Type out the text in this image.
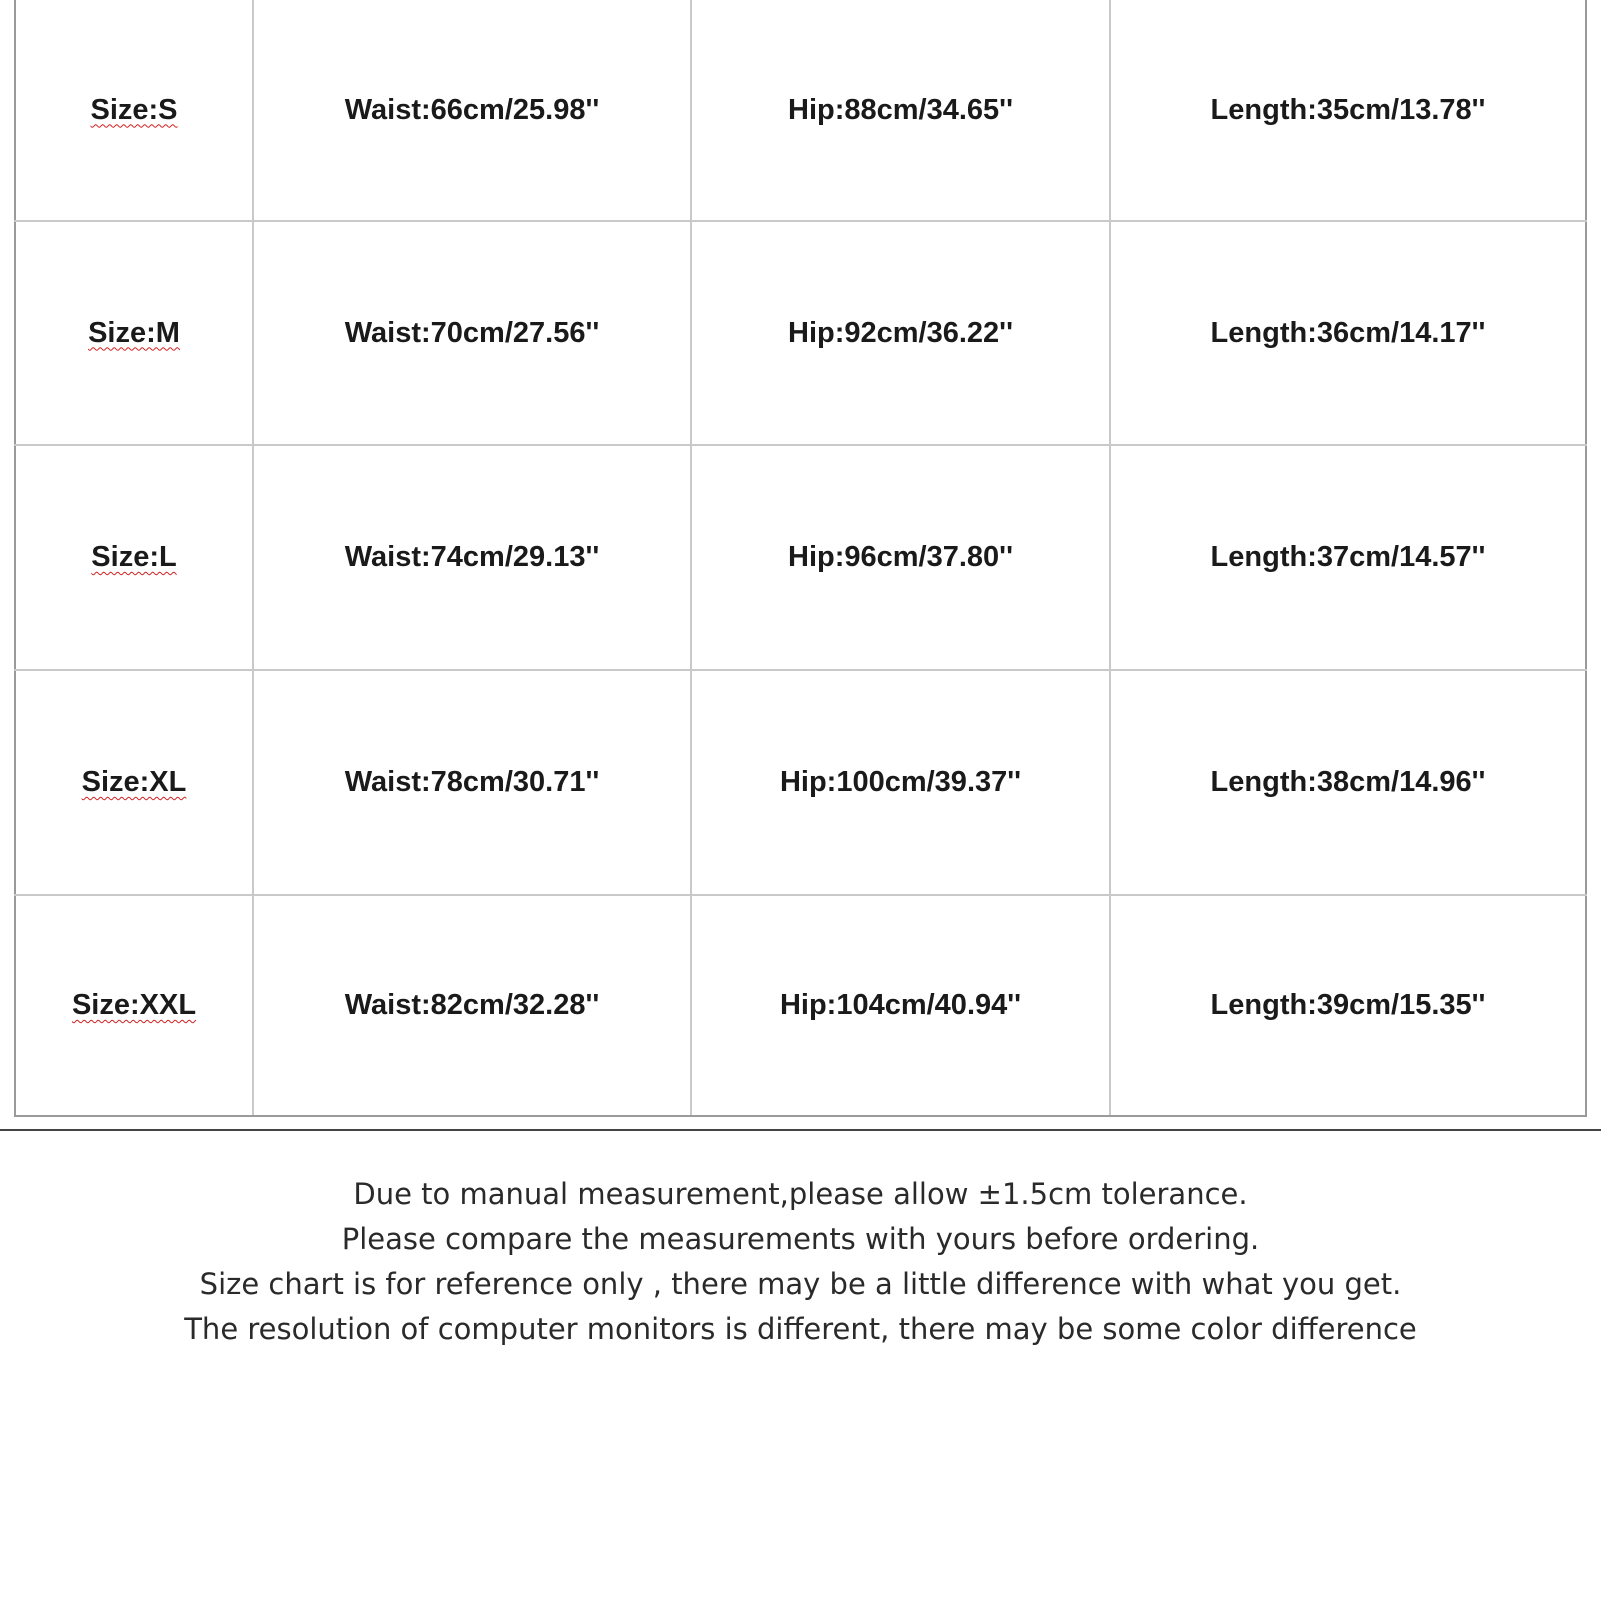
Size:S	Waist:66cm/25.98''	Hip:88cm/34.65''	Length:35cm/13.78''
Size:M	Waist:70cm/27.56''	Hip:92cm/36.22''	Length:36cm/14.17''
Size:L	Waist:74cm/29.13''	Hip:96cm/37.80''	Length:37cm/14.57''
Size:XL	Waist:78cm/30.71''	Hip:100cm/39.37''	Length:38cm/14.96''
Size:XXL	Waist:82cm/32.28''	Hip:104cm/40.94''	Length:39cm/15.35''
Due to manual measurement,please allow ±1.5cm tolerance.
Please compare the measurements with yours before ordering.
Size chart is for reference only , there may be a little difference with what you get.
The resolution of computer monitors is different, there may be some color difference
